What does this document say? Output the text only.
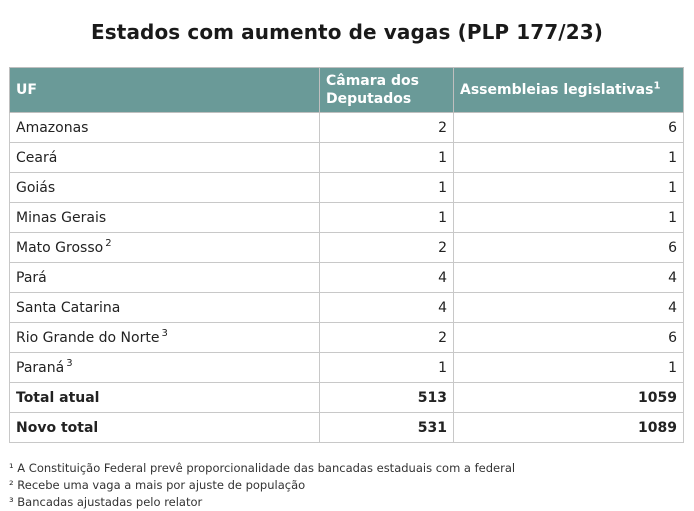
Estados com aumento de vagas (PLP 177/23)
UF	Câmara dos Deputados	Assembleias legislativas$^1$
Amazonas	2	6
Ceará	1	1
Goiás	1	1
Minas Gerais	1	1
Mato Grosso $^2$	2	6
Pará	4	4
Santa Catarina	4	4
Rio Grande do Norte $^3$	2	6
Paraná $^3$	1	1
Total atual	513	1059
Novo total	531	1089
¹ A Constituição Federal prevê proporcionalidade das bancadas estaduais com a federal
² Recebe uma vaga a mais por ajuste de população
³ Bancadas ajustadas pelo relator
